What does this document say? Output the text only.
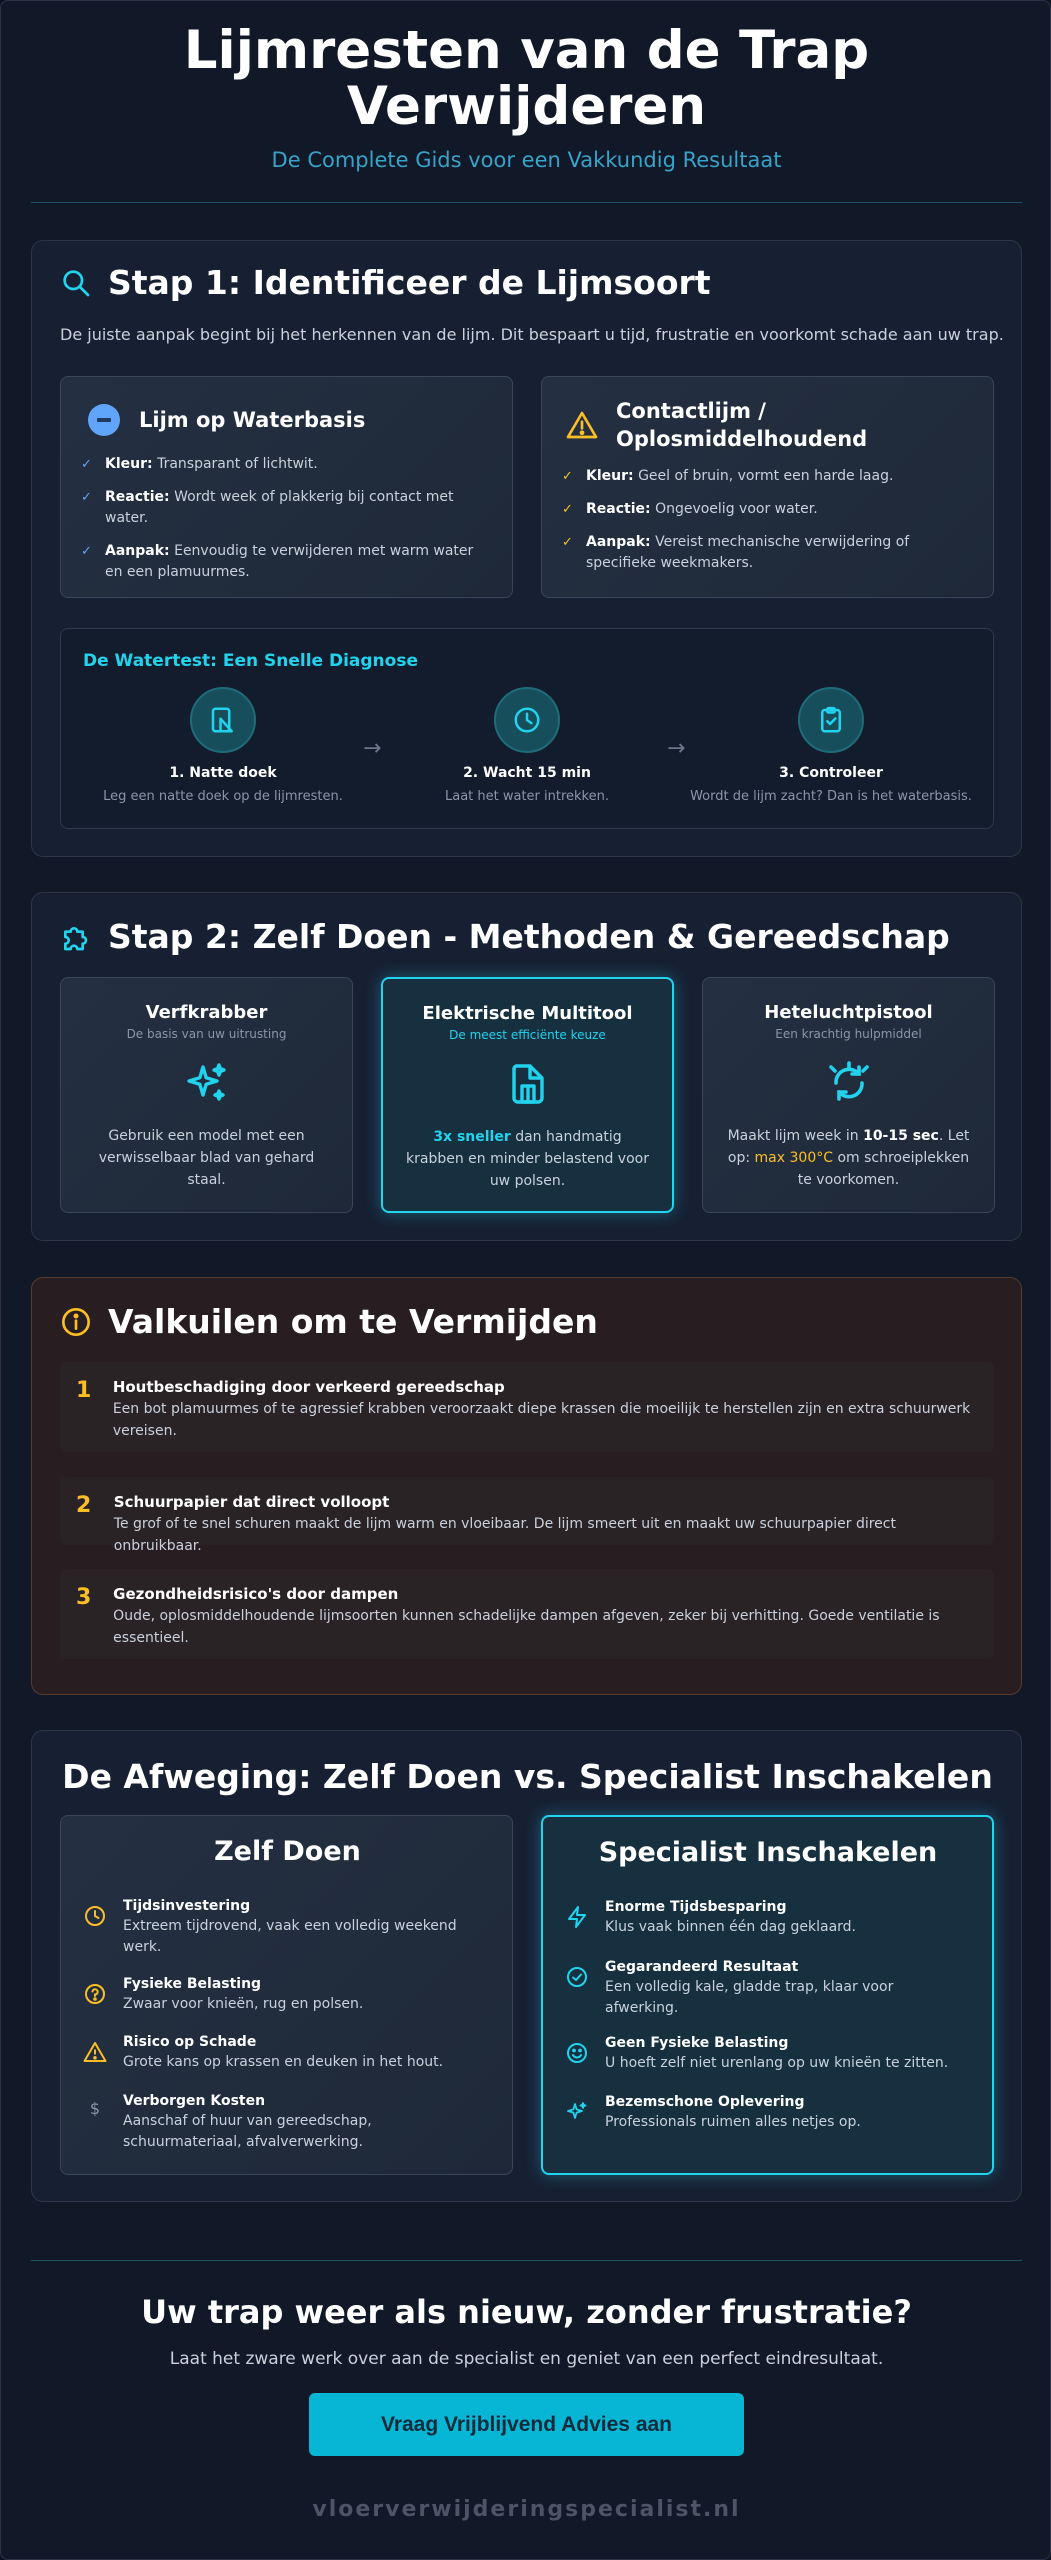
Lijmresten van de Trap
Verwijderen
De Complete Gids voor een Vakkundig Resultaat
Stap 1: Identificeer de Lijmsoort
De juiste aanpak begint bij het herkennen van de lijm. Dit bespaart u tijd, frustratie en voorkomt schade aan uw trap.
Lijm op Waterbasis
✓ Kleur: Transparant of lichtwit.
✓ Reactie: Wordt week of plakkerig bij contact met water.
✓ Aanpak: Eenvoudig te verwijderen met warm water en een plamuurmes.
Contactlijm /
Oplosmiddelhoudend
✓ Kleur: Geel of bruin, vormt een harde laag.
✓ Reactie: Ongevoelig voor water.
✓ Aanpak: Vereist mechanische verwijdering of specifieke weekmakers.
De Watertest: Een Snelle Diagnose
1. Natte doek
Leg een natte doek op de lijmresten.
→
2. Wacht 15 min
Laat het water intrekken.
→
3. Controleer
Wordt de lijm zacht? Dan is het waterbasis.
Stap 2: Zelf Doen - Methoden & Gereedschap
Verfkrabber
De basis van uw uitrusting
Gebruik een model met een verwisselbaar blad van gehard staal.
Elektrische Multitool
De meest efficiënte keuze
3x sneller dan handmatig krabben en minder belastend voor uw polsen.
Heteluchtpistool
Een krachtig hulpmiddel
Maakt lijm week in 10-15 sec. Let op: max 300°C om schroeiplekken te voorkomen.
Valkuilen om te Vermijden
1 Houtbeschadiging door verkeerd gereedschap
Een bot plamuurmes of te agressief krabben veroorzaakt diepe krassen die moeilijk te herstellen zijn en extra schuurwerk vereisen.
2 Schuurpapier dat direct volloopt
Te grof of te snel schuren maakt de lijm warm en vloeibaar. De lijm smeert uit en maakt uw schuurpapier direct onbruikbaar.
3 Gezondheidsrisico's door dampen
Oude, oplosmiddelhoudende lijmsoorten kunnen schadelijke dampen afgeven, zeker bij verhitting. Goede ventilatie is essentieel.
De Afweging: Zelf Doen vs. Specialist Inschakelen
Zelf Doen
Tijdsinvestering
Extreem tijdrovend, vaak een volledig weekend werk.
Fysieke Belasting
Zwaar voor knieën, rug en polsen.
Risico op Schade
Grote kans op krassen en deuken in het hout.
$	Verborgen Kosten
Aanschaf of huur van gereedschap, schuurmateriaal, afvalverwerking.
Specialist Inschakelen
Enorme Tijdsbesparing
Klus vaak binnen één dag geklaard.
Gegarandeerd Resultaat
Een volledig kale, gladde trap, klaar voor afwerking.
Geen Fysieke Belasting
U hoeft zelf niet urenlang op uw knieën te zitten.
Bezemschone Oplevering
Professionals ruimen alles netjes op.
Uw trap weer als nieuw, zonder frustratie?
Laat het zware werk over aan de specialist en geniet van een perfect eindresultaat.
Vraag Vrijblijvend Advies aan
vloerverwijderingspecialist.nl
